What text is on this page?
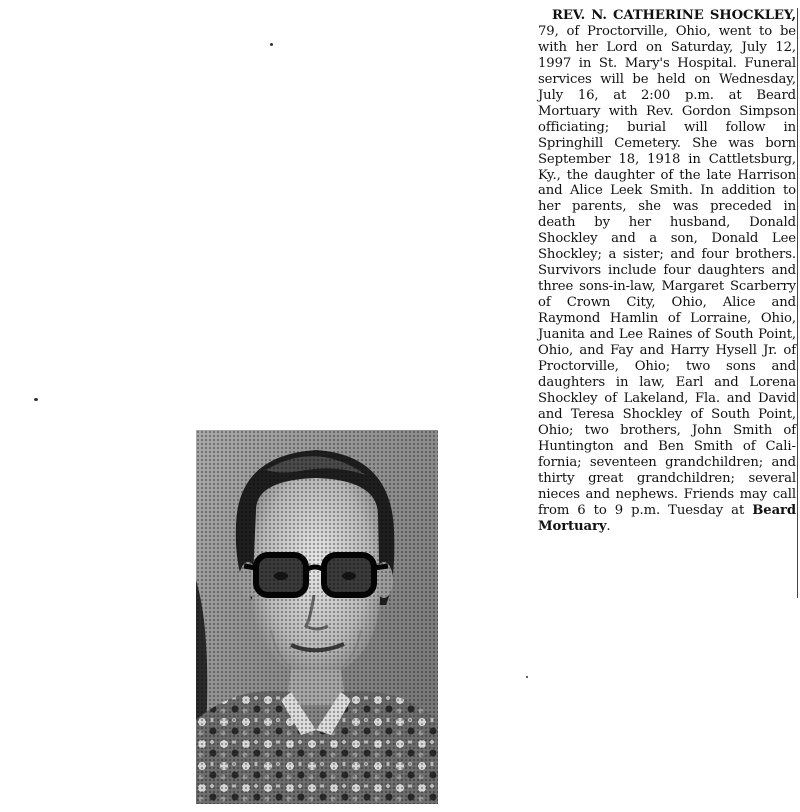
REV. N. CATHERINE SHOCKLEY, 79, of Proctorville, Ohio, went to be with her Lord on Saturday, July 12, 1997 in St. Mary's Hospital. Funeral services will be held on Wednesday, July 16, at 2:00 p.m. at Beard Mortuary with Rev. Gordon Simpson officiating; burial will follow in Springhill Cemetery. She was born September 18, 1918 in Cattletsburg, Ky., the daughter of the late Harrison and Alice Leek Smith. In addition to her parents, she was preceded in death by her husband, Donald Shockley and a son, Donald Lee Shockley; a sister; and four brothers. Survivors include four daughters and three sons-in-law, Margaret Scarberry of Crown City, Ohio, Alice and Raymond Hamlin of Lorraine, Ohio, Juanita and Lee Raines of South Point, Ohio, and Fay and Harry Hysell Jr. of Proctorville, Ohio; two sons and daughters in law, Earl and Lorena Shockley of Lakeland, Fla. and David and Teresa Shockley of South Point, Ohio; two brothers, John Smith of Huntington and Ben Smith of California; seventeen grandchildren; and thirty great grandchildren; several nieces and nephews. Friends may call from 6 to 9 p.m. Tuesday at Beard Mortuary.
